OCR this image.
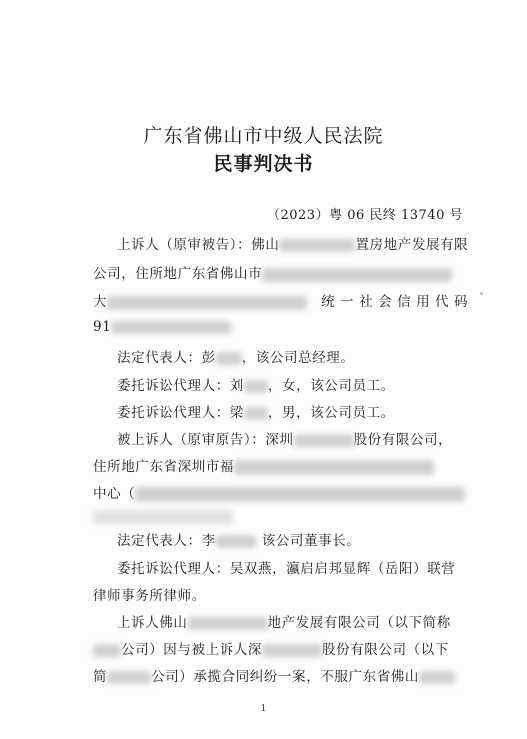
广东省佛山市中级人民法院
民事判决书
（2023）粤 06 民终 13740 号
上诉人（原审被告）：佛山	置房地产发展有限
公司，住所地广东省佛山市
大	统 一 社 会 信 用 代 码
91
法定代表人：彭 ，该公司总经理。
委托诉讼代理人：刘 ，女，该公司员工。
委托诉讼代理人：梁 ，男，该公司员工。
被上诉人（原审原告）：深圳	股份有限公司，
住所地广东省深圳市福
中心（
法定代表人：李	该公司董事长。
委托诉讼代理人：吴双燕，瀛启启邦显辉（岳阳）联营
律师事务所律师。
上诉人佛山	地产发展有限公司（以下简称
公司）因与被上诉人深	股份有限公司（以下
简	公司）承揽合同纠纷一案，不服广东省佛山
1
